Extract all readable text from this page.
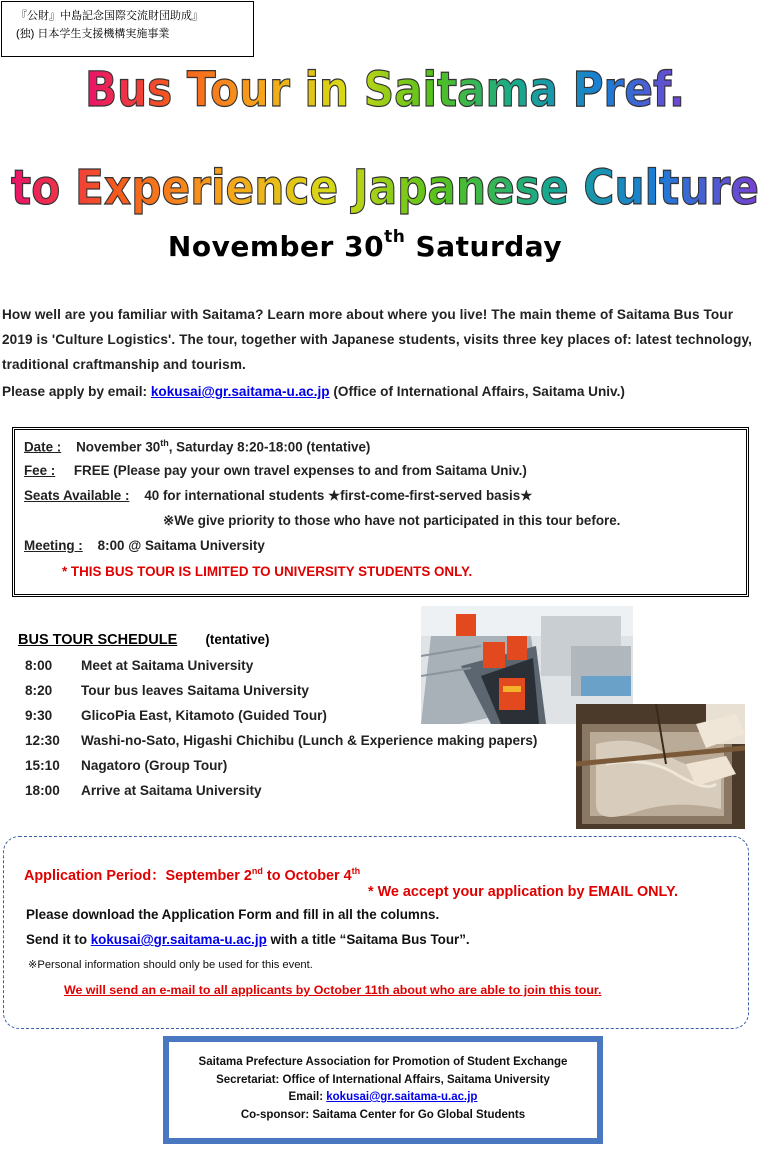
『公財』中島記念国際交流財団助成』
(独) 日本学生支援機構実施事業
Bus Tour in Saitama Pref.
to Experience Japanese Culture
November 30th Saturday
How well are you familiar with Saitama? Learn more about where you live! The main theme of Saitama Bus Tour 2019 is 'Culture Logistics'. The tour, together with Japanese students, visits three key places of: latest technology, traditional craftmanship and tourism.
Please apply by email: kokusai@gr.saitama-u.ac.jp (Office of International Affairs, Saitama Univ.)
Date : November 30th, Saturday 8:20-18:00 (tentative)
Fee : FREE (Please pay your own travel expenses to and from Saitama Univ.)
Seats Available : 40 for international students ★first-come-first-served basis★
※We give priority to those who have not participated in this tour before.
Meeting : 8:00 @ Saitama University
* THIS BUS TOUR IS LIMITED TO UNIVERSITY STUDENTS ONLY.
BUS TOUR SCHEDULE (tentative)
8:00 Meet at Saitama University
8:20 Tour bus leaves Saitama University
9:30 GlicoPia East, Kitamoto (Guided Tour)
12:30 Washi-no-Sato, Higashi Chichibu (Lunch & Experience making papers)
15:10 Nagatoro (Group Tour)
18:00 Arrive at Saitama University
Application Period：September 2nd to October 4th
* We accept your application by EMAIL ONLY.
Please download the Application Form and fill in all the columns.
Send it to kokusai@gr.saitama-u.ac.jp with a title “Saitama Bus Tour”.
※Personal information should only be used for this event.
We will send an e-mail to all applicants by October 11th about who are able to join this tour.
Saitama Prefecture Association for Promotion of Student Exchange
Secretariat: Office of International Affairs, Saitama University
Email: kokusai@gr.saitama-u.ac.jp
Co-sponsor: Saitama Center for Go Global Students
